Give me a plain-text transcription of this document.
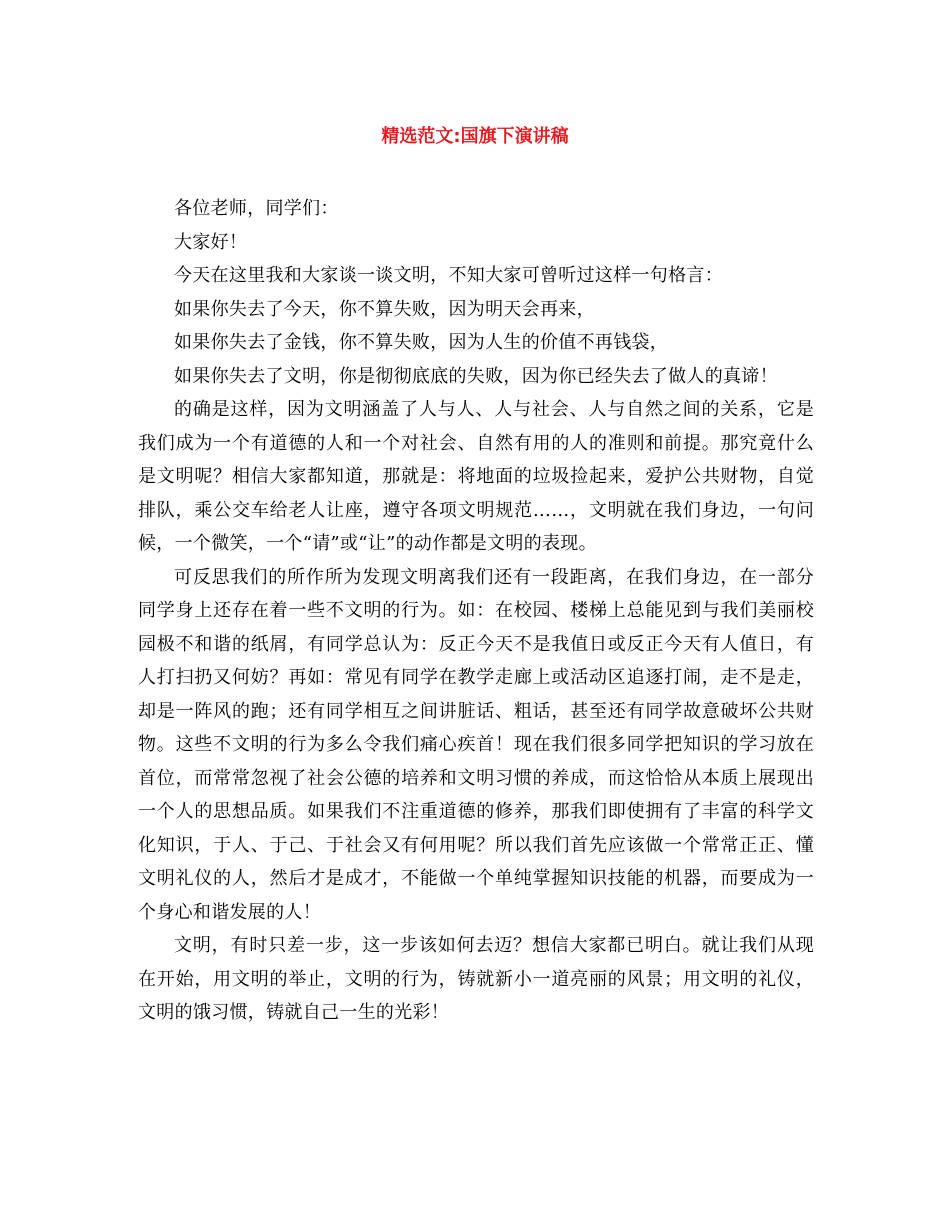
精选范文:国旗下演讲稿

各位老师，同学们：

大家好！

今天在这里我和大家谈一谈文明，不知大家可曾听过这样一句格言：

如果你失去了今天，你不算失败，因为明天会再来，

如果你失去了金钱，你不算失败，因为人生的价值不再钱袋，

如果你失去了文明，你是彻彻底底的失败，因为你已经失去了做人的真谛！

的确是这样，因为文明涵盖了人与人、人与社会、人与自然之间的关系，它是我们成为一个有道德的人和一个对社会、自然有用的人的准则和前提。那究竟什么是文明呢？相信大家都知道，那就是：将地面的垃圾捡起来，爱护公共财物，自觉排队，乘公交车给老人让座，遵守各项文明规范……，文明就在我们身边，一句问候，一个微笑，一个“请”或“让”的动作都是文明的表现。

可反思我们的所作所为发现文明离我们还有一段距离，在我们身边，在一部分同学身上还存在着一些不文明的行为。如：在校园、楼梯上总能见到与我们美丽校园极不和谐的纸屑，有同学总认为：反正今天不是我值日或反正今天有人值日，有人打扫扔又何妨？再如：常见有同学在教学走廊上或活动区追逐打闹，走不是走，却是一阵风的跑；还有同学相互之间讲脏话、粗话，甚至还有同学故意破坏公共财物。这些不文明的行为多么令我们痛心疾首！现在我们很多同学把知识的学习放在首位，而常常忽视了社会公德的培养和文明习惯的养成，而这恰恰从本质上展现出一个人的思想品质。如果我们不注重道德的修养，那我们即使拥有了丰富的科学文化知识，于人、于己、于社会又有何用呢？所以我们首先应该做一个常常正正、懂文明礼仪的人，然后才是成才，不能做一个单纯掌握知识技能的机器，而要成为一个身心和谐发展的人！

文明，有时只差一步，这一步该如何去迈？想信大家都已明白。就让我们从现在开始，用文明的举止，文明的行为，铸就新小一道亮丽的风景；用文明的礼仪，文明的饿习惯，铸就自己一生的光彩！
